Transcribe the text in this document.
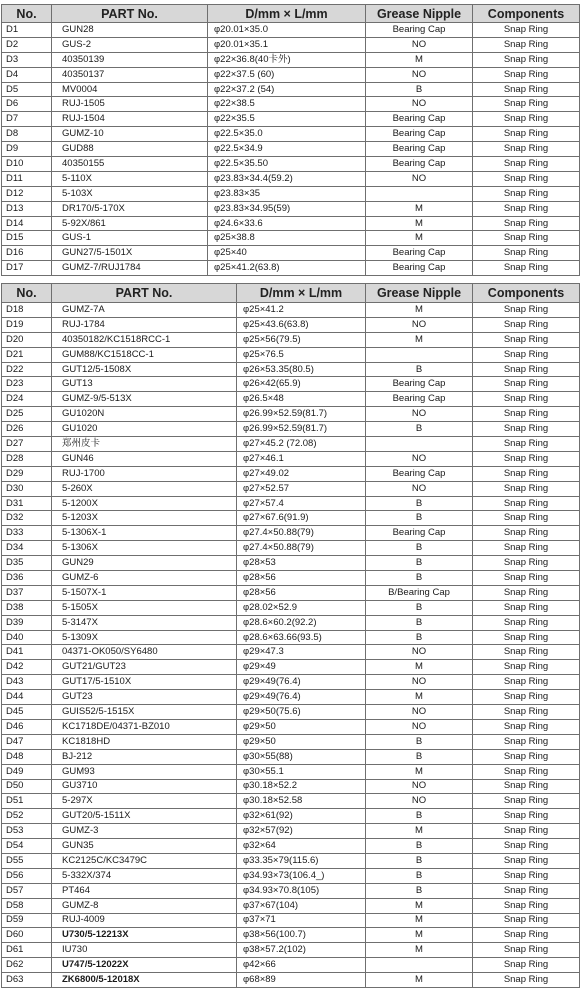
No.	PART No.	D/mm × L/mm	Grease Nipple	Components
D1	GUN28	φ20.01×35.0	Bearing Cap	Snap Ring
D2	GUS-2	φ20.01×35.1	NO	Snap Ring
D3	40350139	φ22×36.8(40卡外)	M	Snap Ring
D4	40350137	φ22×37.5 (60)	NO	Snap Ring
D5	MV0004	φ22×37.2 (54)	B	Snap Ring
D6	RUJ-1505	φ22×38.5	NO	Snap Ring
D7	RUJ-1504	φ22×35.5	Bearing Cap	Snap Ring
D8	GUMZ-10	φ22.5×35.0	Bearing Cap	Snap Ring
D9	GUD88	φ22.5×34.9	Bearing Cap	Snap Ring
D10	40350155	φ22.5×35.50	Bearing Cap	Snap Ring
D11	5-110X	φ23.83×34.4(59.2)	NO	Snap Ring
D12	5-103X	φ23.83×35		Snap Ring
D13	DR170/5-170X	φ23.83×34.95(59)	M	Snap Ring
D14	5-92X/861	φ24.6×33.6	M	Snap Ring
D15	GUS-1	φ25×38.8	M	Snap Ring
D16	GUN27/5-1501X	φ25×40	Bearing Cap	Snap Ring
D17	GUMZ-7/RUJ1784	φ25×41.2(63.8)	Bearing Cap	Snap Ring
No.	PART No.	D/mm × L/mm	Grease Nipple	Components
D18	GUMZ-7A	φ25×41.2	M	Snap Ring
D19	RUJ-1784	φ25×43.6(63.8)	NO	Snap Ring
D20	40350182/KC1518RCC-1	φ25×56(79.5)	M	Snap Ring
D21	GUM88/KC1518CC-1	φ25×76.5		Snap Ring
D22	GUT12/5-1508X	φ26×53.35(80.5)	B	Snap Ring
D23	GUT13	φ26×42(65.9)	Bearing Cap	Snap Ring
D24	GUMZ-9/5-513X	φ26.5×48	Bearing Cap	Snap Ring
D25	GU1020N	φ26.99×52.59(81.7)	NO	Snap Ring
D26	GU1020	φ26.99×52.59(81.7)	B	Snap Ring
D27	郑州皮卡	φ27×45.2 (72.08)		Snap Ring
D28	GUN46	φ27×46.1	NO	Snap Ring
D29	RUJ-1700	φ27×49.02	Bearing Cap	Snap Ring
D30	5-260X	φ27×52.57	NO	Snap Ring
D31	5-1200X	φ27×57.4	B	Snap Ring
D32	5-1203X	φ27×67.6(91.9)	B	Snap Ring
D33	5-1306X-1	φ27.4×50.88(79)	Bearing Cap	Snap Ring
D34	5-1306X	φ27.4×50.88(79)	B	Snap Ring
D35	GUN29	φ28×53	B	Snap Ring
D36	GUMZ-6	φ28×56	B	Snap Ring
D37	5-1507X-1	φ28×56	B/Bearing Cap	Snap Ring
D38	5-1505X	φ28.02×52.9	B	Snap Ring
D39	5-3147X	φ28.6×60.2(92.2)	B	Snap Ring
D40	5-1309X	φ28.6×63.66(93.5)	B	Snap Ring
D41	04371-OK050/SY6480	φ29×47.3	NO	Snap Ring
D42	GUT21/GUT23	φ29×49	M	Snap Ring
D43	GUT17/5-1510X	φ29×49(76.4)	NO	Snap Ring
D44	GUT23	φ29×49(76.4)	M	Snap Ring
D45	GUIS52/5-1515X	φ29×50(75.6)	NO	Snap Ring
D46	KC1718DE/04371-BZ010	φ29×50	NO	Snap Ring
D47	KC1818HD	φ29×50	B	Snap Ring
D48	BJ-212	φ30×55(88)	B	Snap Ring
D49	GUM93	φ30×55.1	M	Snap Ring
D50	GU3710	φ30.18×52.2	NO	Snap Ring
D51	5-297X	φ30.18×52.58	NO	Snap Ring
D52	GUT20/5-1511X	φ32×61(92)	B	Snap Ring
D53	GUMZ-3	φ32×57(92)	M	Snap Ring
D54	GUN35	φ32×64	B	Snap Ring
D55	KC2125C/KC3479C	φ33.35×79(115.6)	B	Snap Ring
D56	5-332X/374	φ34.93×73(106.4_)	B	Snap Ring
D57	PT464	φ34.93×70.8(105)	B	Snap Ring
D58	GUMZ-8	φ37×67(104)	M	Snap Ring
D59	RUJ-4009	φ37×71	M	Snap Ring
D60	U730/5-12213X	φ38×56(100.7)	M	Snap Ring
D61	IU730	φ38×57.2(102)	M	Snap Ring
D62	U747/5-12022X	φ42×66		Snap Ring
D63	ZK6800/5-12018X	φ68×89	M	Snap Ring
